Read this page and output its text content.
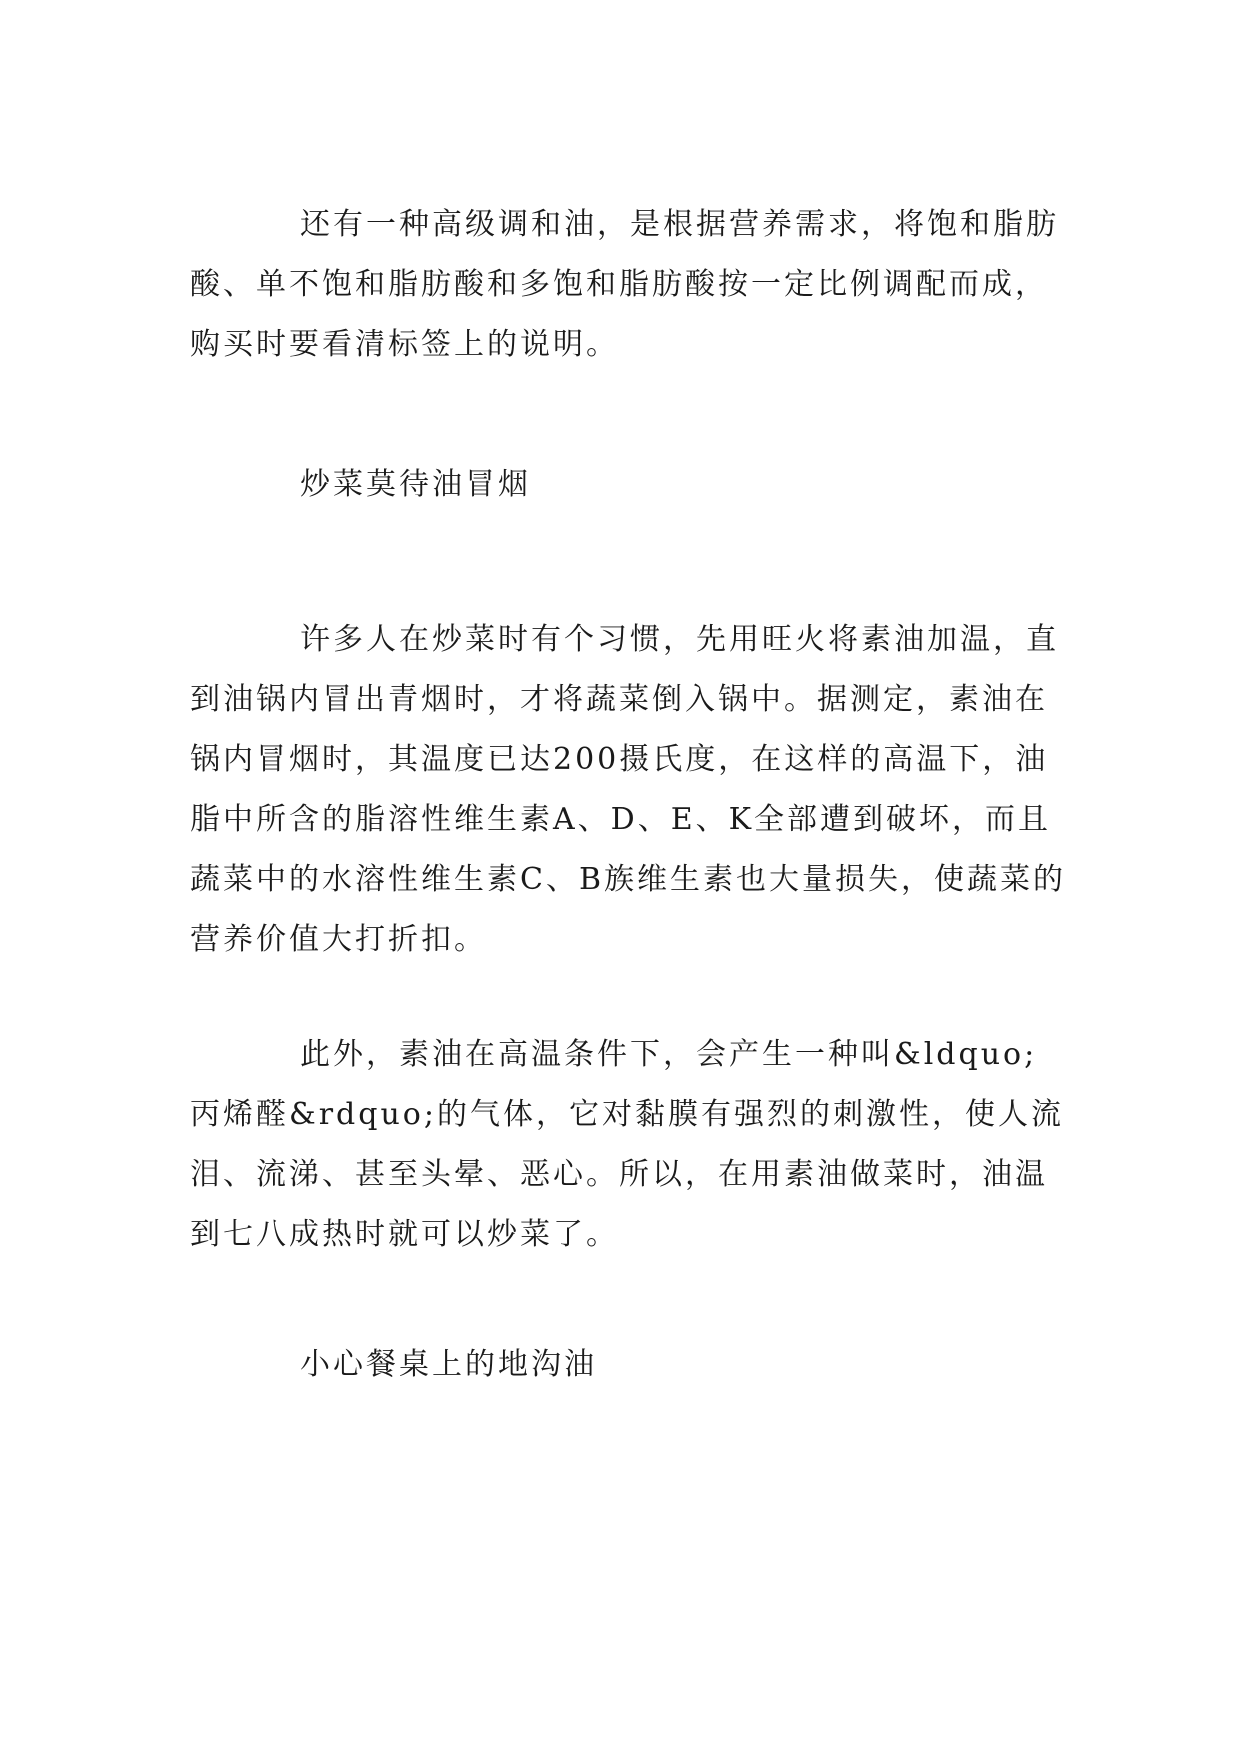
还有一种高级调和油，是根据营养需求，将饱和脂肪酸、单不饱和脂肪酸和多饱和脂肪酸按一定比例调配而成，购买时要看清标签上的说明。

炒菜莫待油冒烟

许多人在炒菜时有个习惯，先用旺火将素油加温，直到油锅内冒出青烟时，才将蔬菜倒入锅中。据测定，素油在锅内冒烟时，其温度已达200摄氏度，在这样的高温下，油脂中所含的脂溶性维生素A、D、E、K全部遭到破坏，而且蔬菜中的水溶性维生素C、B族维生素也大量损失，使蔬菜的营养价值大打折扣。

此外，素油在高温条件下，会产生一种叫&ldquo;丙烯醛&rdquo;的气体，它对黏膜有强烈的刺激性，使人流泪、流涕、甚至头晕、恶心。所以，在用素油做菜时，油温到七八成热时就可以炒菜了。

小心餐桌上的地沟油
